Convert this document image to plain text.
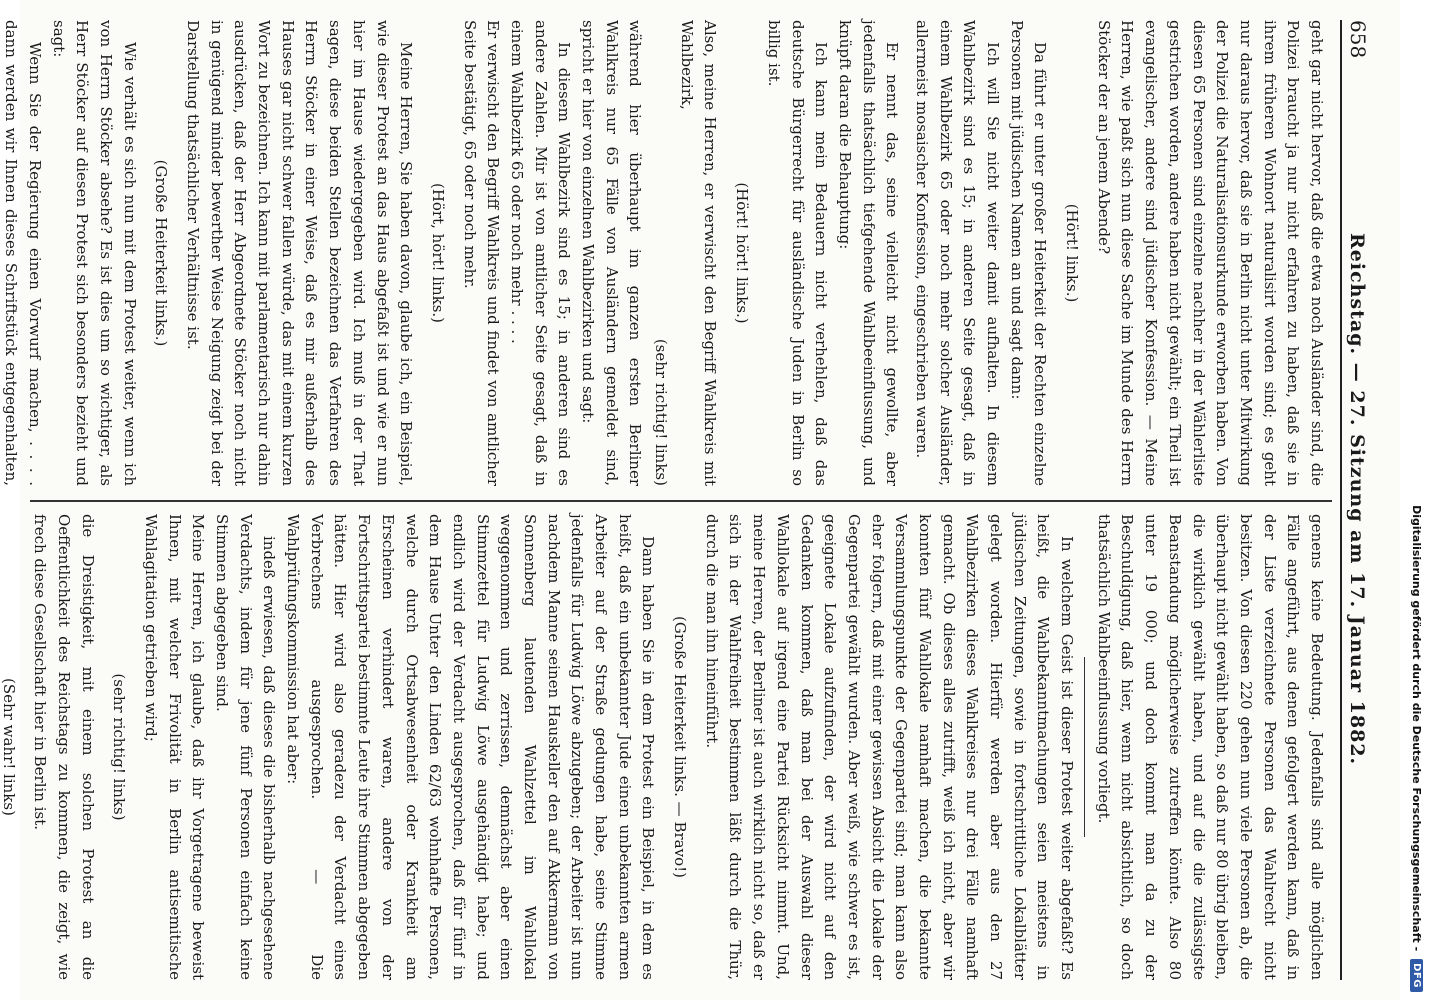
658
Reichstag. — 27. Sitzung am 17. Januar 1882.

geht gar nicht hervor, daß die etwa noch Ausländer sind, die Polizei braucht ja nur nicht erfahren zu haben, daß sie in ihrem früheren Wohnort naturalisirt worden sind; es geht nur daraus hervor, daß sie in Berlin nicht unter Mitwirkung der Polizei die Naturalisationsurkunde erworben haben. Von diesen 65 Personen sind einzelne nachher in der Wählerliste gestrichen worden, andere haben nicht gewählt; ein Theil ist evangelischer, andere sind jüdischer Konfession. — Meine Herren, wie paßt sich nun diese Sache im Munde des Herrn Stöcker der an jenem Abende?

(Hört! links.)

Da führt er unter großer Heiterkeit der Rechten einzelne Personen mit jüdischen Namen an und sagt dann:

Ich will Sie nicht weiter damit aufhalten. In diesem Wahlbezirk sind es 15; in anderen Seite gesagt, daß in einem Wahlbezirk 65 oder noch mehr solcher Ausländer, allermeist mosaischer Konfession, eingeschrieben waren.

Er nennt das, seine vielleicht nicht gewollte, aber jedenfalls thatsächlich tiefgehende Wahlbeeinflussung, und knüpft daran die Behauptung:

Ich kann mein Bedauern nicht verhehlen, daß das deutsche Bürgerrecht für ausländische Juden in Berlin so billig ist.

(Hört! hört! links.)

Also, meine Herren, er verwischt den Begriff Wahlkreis mit Wahlbezirk,

(sehr richtig! links)

während hier überhaupt im ganzen ersten Berliner Wahlkreis nur 65 Fälle von Ausländern gemeldet sind, spricht er hier von einzelnen Wahlbezirken und sagt:

In diesem Wahlbezirk sind es 15; in anderen sind es andere Zahlen. Mir ist von amtlicher Seite gesagt, daß in einem Wahlbezirk 65 oder noch mehr . . . .

Er verwischt den Begriff Wahlkreis und findet von amtlicher Seite bestätigt, 65 oder noch mehr.

(Hört, hört! links.)

Meine Herren, Sie haben davon, glaube ich, ein Beispiel, wie dieser Protest an das Haus abgefaßt ist und wie er nun hier im Hause wiedergegeben wird. Ich muß in der That sagen, diese beiden Stellen bezeichnen das Verfahren des Herrn Stöcker in einer Weise, daß es mir außerhalb des Hauses gar nicht schwer fallen würde, das mit einem kurzen Wort zu bezeichnen. Ich kann mit parlamentarisch nur dahin ausdrücken, daß der Herr Abgeordnete Stöcker noch nicht in genügend minder bewerther Weise Neigung zeigt bei der Darstellung thatsächlicher Verhältnisse ist.

(Große Heiterkeit links.)

Wie verhält es sich nun mit dem Protest weiter, wenn ich von Herrn Stöcker absehe? Es ist dies um so wichtiger, als Herr Stöcker auf diesen Protest sich besonders bezieht und sagt:

Wenn Sie der Regierung einen Vorwurf machen, . . . . dann werden wir Ihnen dieses Schriftstück entgegenhalten,

genens keine Bedeutung. Jedenfalls sind alle möglichen Fälle angeführt, aus denen gefolgert werden kann, daß in der Liste verzeichnete Personen das Wahlrecht nicht besitzen. Von diesen 220 gehen nun viele Personen ab, die überhaupt nicht gewählt haben, so daß nur 80 übrig bleiben, die wirklich gewählt haben, und auf die die zulässigste Beanstandung möglicherweise zutreffen könnte. Also 80 unter 19 000; und doch kommt man da zu der Beschuldigung, daß hier, wenn nicht absichtlich, so doch thatsächlich Wahlbeeinflussung vorliegt.

In welchem Geist ist dieser Protest weiter abgefaßt? Es heißt, die Wahlbekanntmachungen seien meistens in jüdischen Zeitungen, sowie in fortschrittliche Lokalblätter gelegt worden. Hierfür werden aber aus den 27 Wahlbezirken dieses Wahlkreises nur drei Fälle namhaft gemacht. Ob dieses alles zutrifft, weiß ich nicht, aber wir konnten fünf Wahllokale namhaft machen, die bekannte Versammlungspunkte der Gegenpartei sind; man kann also eher folgern, daß mit einer gewissen Absicht die Lokale der Gegenpartei gewählt wurden. Aber weiß, wie schwer es ist, geeignete Lokale aufzufinden, der wird nicht auf den Gedanken kommen, daß man bei der Auswahl dieser Wahllokale auf irgend eine Partei Rücksicht nimmt. Und, meine Herren, der Berliner ist auch wirklich nicht so, daß er sich in der Wahlfreiheit bestimmen läßt durch die Thür, durch die man ihn hineinführt.

(Große Heiterkeit links. — Bravo!)

Dann haben Sie in dem Protest ein Beispiel, in dem es heißt, daß ein unbekannter Jude einen unbekannten armen Arbeiter auf der Straße gedungen habe, seine Stimme jedenfalls für Ludwig Löwe abzugeben; der Arbeiter ist nun nachdem Manne seinen Hauskeller den auf Akkermann von Sonnenberg lautenden Wahlzettel im Wahllokal weggenommen und zerrissen, demnächst aber einen Stimmzettel für Ludwig Löwe ausgehändigt habe; und endlich wird der Verdacht ausgesprochen, daß für fünf in dem Hause Unter den Linden 62/63 wohnhafte Personen, welche durch Ortsabwesenheit oder Krankheit am Erscheinen verhindert waren, andere von der Fortschrittspartei bestimmte Leute ihre Stimmen abgegeben hätten. Hier wird also geradezu der Verdacht eines Verbrechens ausgesprochen. — Die Wahlprüfungskommission hat aber:

indeß erwiesen, daß dieses die bisherhalb nachgesehene Verdachts, indem für jene fünf Personen einfach keine Stimmen abgegeben sind.

Meine Herren, ich glaube, daß ihr Vorgetragene beweist Ihnen, mit welcher Frivolität in Berlin antisemitische Wahlagitation getrieben wird;

(sehr richtig! links)

die Dreistigkeit, mit einem solchen Protest an die Oeffentlichkeit des Reichstags zu kommen, die zeigt, wie frech diese Gesellschaft hier in Berlin ist.

(Sehr wahr! links)	Digitalisierung gefördert durch die Deutsche Forschungsgemeinschaft -
DFG
